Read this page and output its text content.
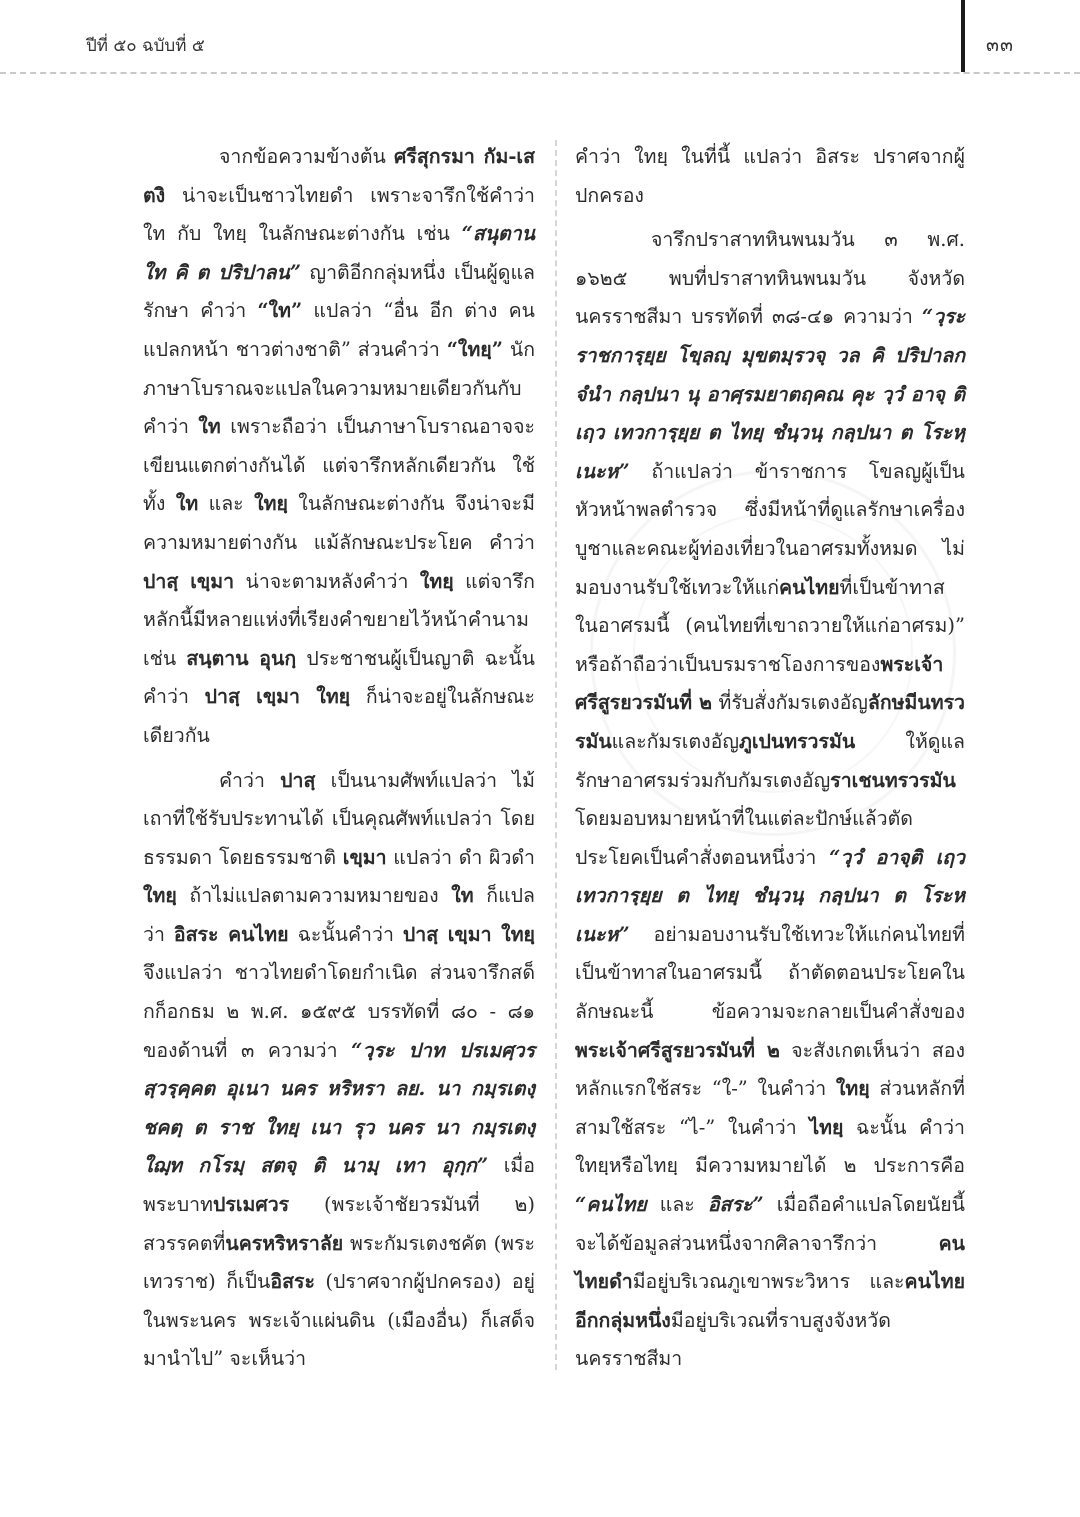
ปีที่ ๕๐ ฉบับที่ ๕	๓๓

จากข้อความข้างต้น ศรีสุกรมา กัม-เสตงิ น่าจะเป็นชาวไทยดำ เพราะจารึกใช้คำว่า ใท กับ ใทยฺ ในลักษณะต่างกัน เช่น “สนุตาน ใท คิ ต ปริปาลน” ญาติอีกกลุ่มหนึ่ง เป็นผู้ดูแลรักษา คำว่า “ใท” แปลว่า “อื่น อีก ต่าง คนแปลกหน้า ชาวต่างชาติ” ส่วนคำว่า “ใทยฺ” นักภาษาโบราณจะแปลในความหมายเดียวกันกับคำว่า ใท เพราะถือว่า เป็นภาษาโบราณอาจจะเขียนแตกต่างกันได้ แต่จารึกหลักเดียวกัน ใช้ทั้ง ใท และ ใทยฺ ในลักษณะต่างกัน จึงน่าจะมีความหมายต่างกัน แม้ลักษณะประโยค คำว่า ปาสฺ เขฺมา น่าจะตามหลังคำว่า ใทยฺ แต่จารึกหลักนี้มีหลายแห่งที่เรียงคำขยายไว้หน้าคำนาม เช่น สนฺตาน อุนกฺ ประชาชนผู้เป็นญาติ ฉะนั้น คำว่า ปาสฺ เขฺมา ใทยฺ ก็น่าจะอยู่ในลักษณะเดียวกัน

คำว่า ปาสฺ เป็นนามศัพท์แปลว่า ไม้เถาที่ใช้รับประทานได้ เป็นคุณศัพท์แปลว่า โดยธรรมดา โดยธรรมชาติ เขฺมา แปลว่า ดำ ผิวดำ ใทยฺ ถ้าไม่แปลตามความหมายของ ใท ก็แปลว่า อิสระ คนไทย ฉะนั้นคำว่า ปาสฺ เขฺมา ใทยฺ จึงแปลว่า ชาวไทยดำโดยกำเนิด ส่วนจารึกสด็กก็อกธม ๒ พ.ศ. ๑๕๙๕ บรรทัดที่ ๘๐ - ๘๑ ของด้านที่ ๓ ความว่า “วฺระ ปาท ปรเมศฺวร สฺวรฺคฺคต อุเนา นคร หริหรา ลย. นา กมฺรเตงฺ ชคตฺ ต ราช ใทยฺ เนา รุว นคร นา กมฺรเตงฺ ใฌฺท กโรมฺ สตจฺ ติ นามฺ เทา อุกฺก” เมื่อพระบาทปรเมศวร (พระเจ้าชัยวรมันที่ ๒) สวรรคตที่นครหริหราลัย พระกัมรเตงชคัต (พระเทวราช) ก็เป็นอิสระ (ปราศจากผู้ปกครอง) อยู่ในพระนคร พระเจ้าแผ่นดิน (เมืองอื่น) ก็เสด็จมานำไป” จะเห็นว่า

คำว่า ใทยฺ ในที่นี้ แปลว่า อิสระ ปราศจากผู้ปกครอง

จารึกปราสาทหินพนมวัน ๓ พ.ศ. ๑๖๒๕ พบที่ปราสาทหินพนมวัน จังหวัดนครราชสีมา บรรทัดที่ ๓๘-๔๑ ความว่า “วฺระ ราชการฺยฺย โขฺลญฺ มุขตมฺรวจฺ วล คิ ปริปาลก จํนำ กลฺปนา นุ อาศฺรมยาตฤคณ คุะ วฺวํ อาจฺ ติ เฤว เทวการฺยฺย ต ไทยฺ ชํนฺวนฺ กลฺปนา ต โระหฺ เนะห” ถ้าแปลว่า ข้าราชการ โขลญผู้เป็นหัวหน้าพลตำรวจ ซึ่งมีหน้าที่ดูแลรักษาเครื่องบูชาและคณะผู้ท่องเที่ยวในอาศรมทั้งหมด ไม่มอบงานรับใช้เทวะให้แก่คนไทยที่เป็นข้าทาสในอาศรมนี้ (คนไทยที่เขาถวายให้แก่อาศรม)” หรือถ้าถือว่าเป็นบรมราชโองการของพระเจ้าศรีสูรยวรมันที่ ๒ ที่รับสั่งกัมรเตงอัญลักษมีนทรวรมันและกัมรเตงอัญภูเปนทรวรมัน ให้ดูแลรักษาอาศรมร่วมกับกัมรเตงอัญราเชนทรวรมัน โดยมอบหมายหน้าที่ในแต่ละปักษ์แล้วตัดประโยคเป็นคำสั่งตอนหนึ่งว่า “วฺวํ อาจฺติ เฤว เทวการฺยฺย ต ไทยฺ ชํนฺวนฺ กลฺปนา ต โระห เนะห” อย่ามอบงานรับใช้เทวะให้แก่คนไทยที่เป็นข้าทาสในอาศรมนี้ ถ้าตัดตอนประโยคในลักษณะนี้ ข้อความจะกลายเป็นคำสั่งของพระเจ้าศรีสูรยวรมันที่ ๒ จะสังเกตเห็นว่า สองหลักแรกใช้สระ “ใ-” ในคำว่า ใทยฺ ส่วนหลักที่สามใช้สระ “ไ-” ในคำว่า ไทยฺ ฉะนั้น คำว่าใทยฺหรือไทยฺ มีความหมายได้ ๒ ประการคือ “คนไทย และ อิสระ” เมื่อถือคำแปลโดยนัยนี้ จะได้ข้อมูลส่วนหนึ่งจากศิลาจารึกว่า คนไทยดำมีอยู่บริเวณภูเขาพระวิหาร และคนไทยอีกกลุ่มหนึ่งมีอยู่บริเวณที่ราบสูงจังหวัดนครราชสีมา
